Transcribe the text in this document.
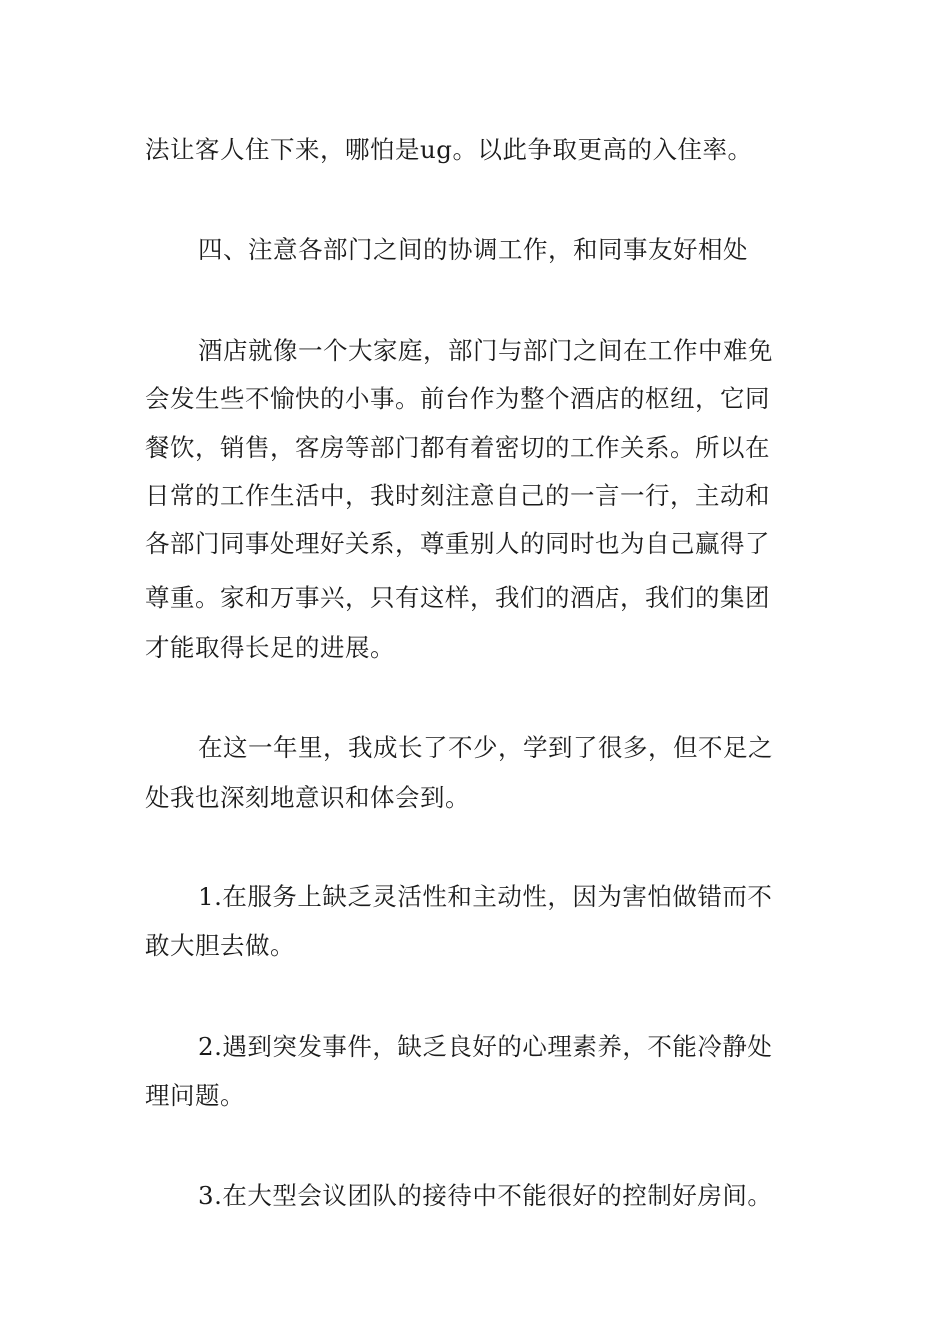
法让客人住下来，哪怕是ug。以此争取更高的入住率。
四、注意各部门之间的协调工作，和同事友好相处
酒店就像一个大家庭，部门与部门之间在工作中难免
会发生些不愉快的小事。前台作为整个酒店的枢纽，它同
餐饮，销售，客房等部门都有着密切的工作关系。所以在
日常的工作生活中，我时刻注意自己的一言一行，主动和
各部门同事处理好关系，尊重别人的同时也为自己赢得了
尊重。家和万事兴，只有这样，我们的酒店，我们的集团
才能取得长足的进展。
在这一年里，我成长了不少，学到了很多，但不足之
处我也深刻地意识和体会到。
1.在服务上缺乏灵活性和主动性，因为害怕做错而不
敢大胆去做。
2.遇到突发事件，缺乏良好的心理素养，不能冷静处
理问题。
3.在大型会议团队的接待中不能很好的控制好房间。
